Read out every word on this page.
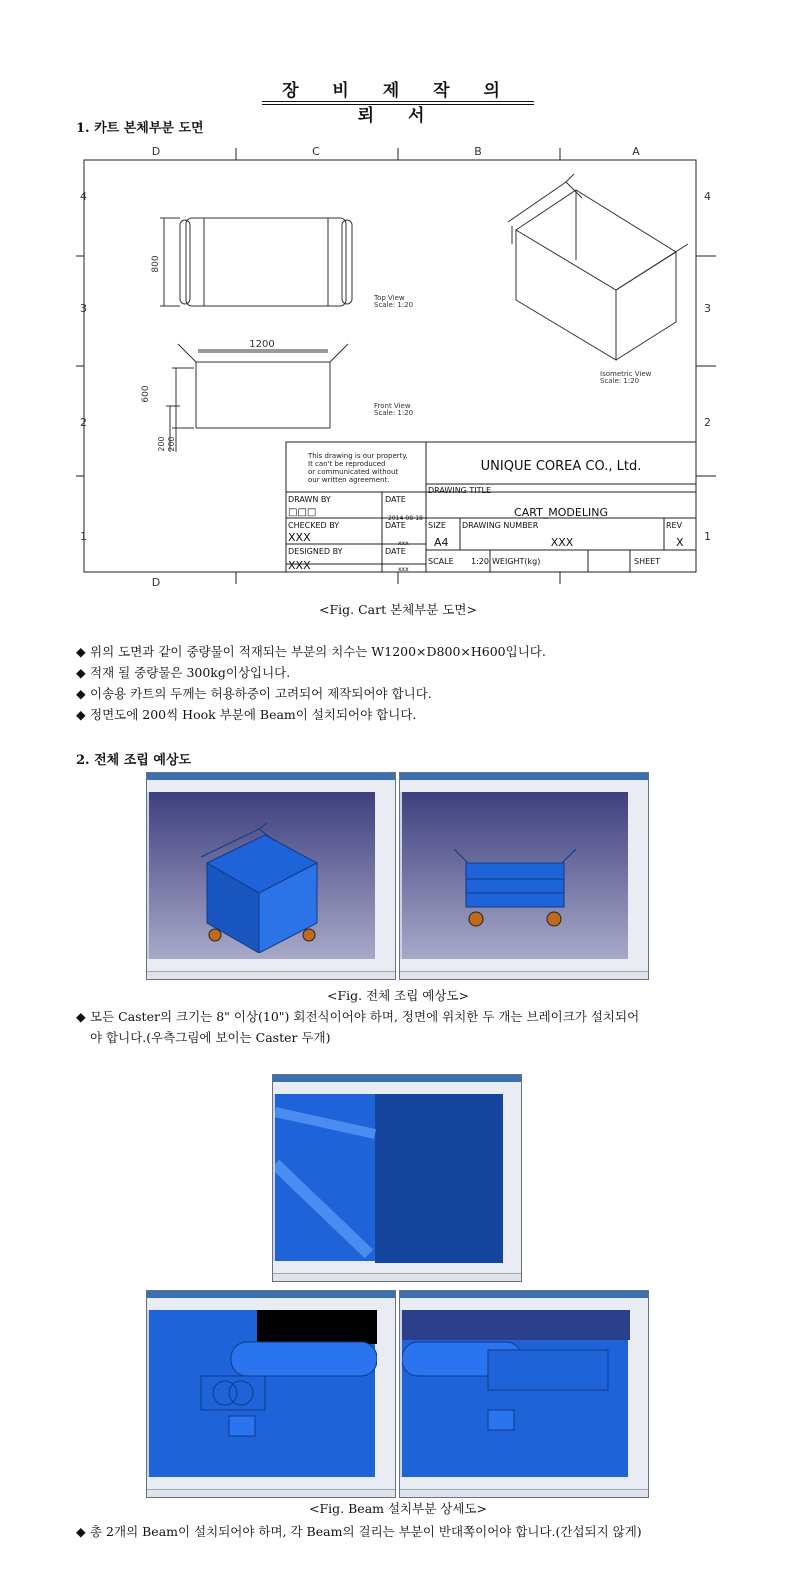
장 비 제 작 의 뢰 서
1. 카트 본체부분 도면
D	C	B	A
D
4
3
2
1
4
3
2
1
800
Top View
Scale: 1:20
1200
600
200 200
Front View
Scale: 1:20
Isometric View
Scale: 1:20
This drawing is our property.
It can't be reproduced
or communicated without
our written agreement.
UNIQUE COREA CO., Ltd.
DRAWN BY
□□□
DATE
2014-08-18
CHECKED BY
XXX
DATE
xxx
DESIGNED BY
XXX
DATE
xxx
DRAWING TITLE
CART_MODELING
SIZE
A4
DRAWING NUMBER
XXX
REV
X
SCALE 1:20 WEIGHT(kg)	SHEET
<Fig. Cart 본체부분 도면>
◆ 위의 도면과 같이 중량물이 적재되는 부분의 치수는 W1200×D800×H600입니다.
◆ 적재 될 중량물은 300kg이상입니다.
◆ 이송용 카트의 두께는 허용하중이 고려되어 제작되어야 합니다.
◆ 정면도에 200씩 Hook 부분에 Beam이 설치되어야 합니다.
2. 전체 조립 예상도
<Fig. 전체 조립 예상도>
◆ 모든 Caster의 크기는 8" 이상(10") 회전식이어야 하며, 정면에 위치한 두 개는 브레이크가 설치되어
야 합니다.(우측그림에 보이는 Caster 두개)
<Fig. Beam 설치부분 상세도>
◆ 총 2개의 Beam이 설치되어야 하며, 각 Beam의 걸리는 부분이 반대쪽이어야 합니다.(간섭되지 않게)
